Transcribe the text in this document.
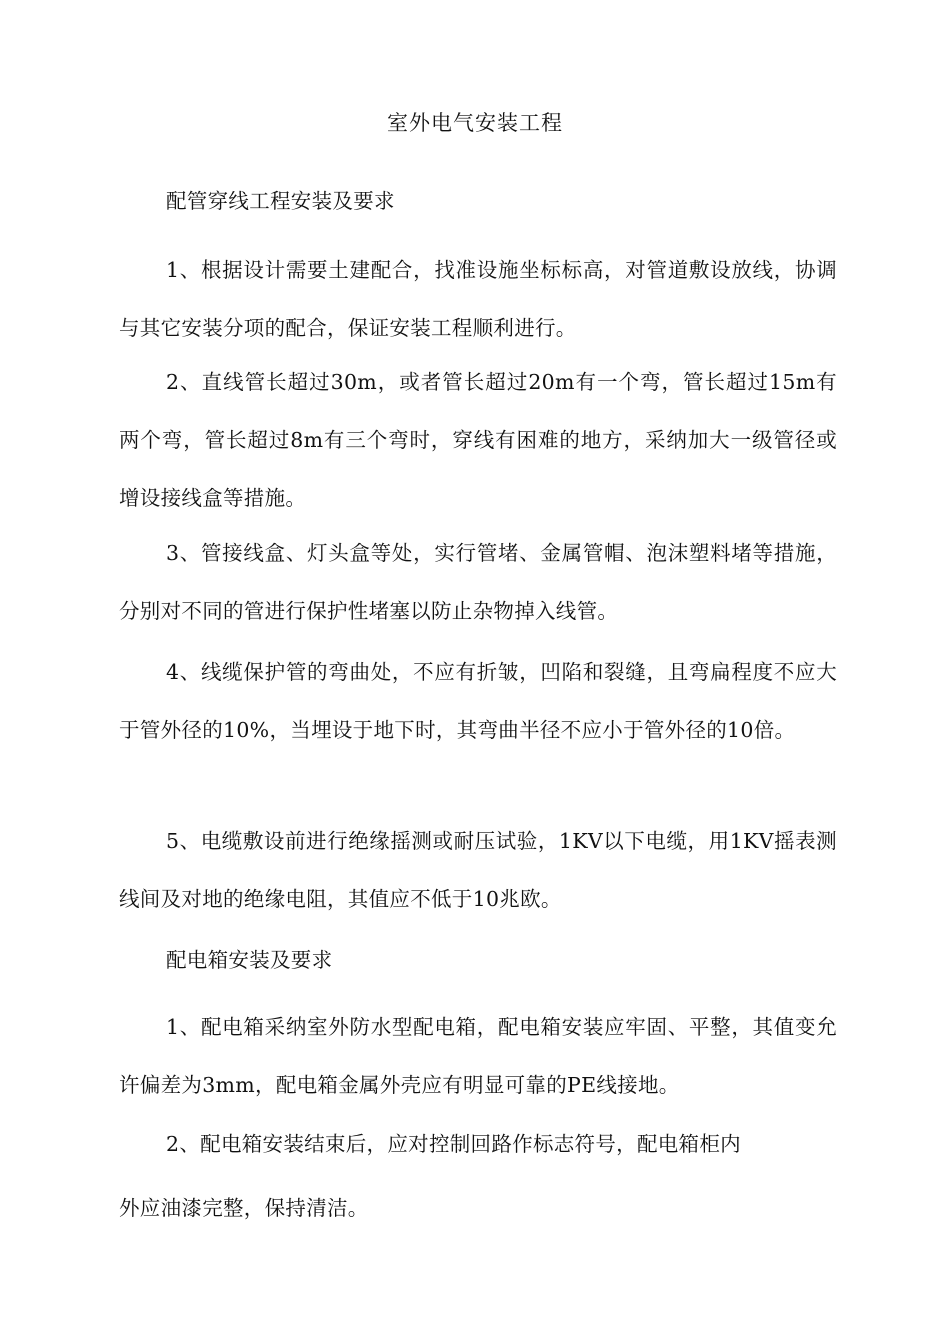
室外电气安装工程
配管穿线工程安装及要求

1、根据设计需要土建配合，找准设施坐标标高，对管道敷设放线，协调与其它安装分项的配合，保证安装工程顺利进行。

2、直线管长超过30m，或者管长超过20m有一个弯，管长超过15m有两个弯，管长超过8m有三个弯时，穿线有困难的地方，采纳加大一级管径或增设接线盒等措施。

3、管接线盒、灯头盒等处，实行管堵、金属管帽、泡沫塑料堵等措施，分别对不同的管进行保护性堵塞以防止杂物掉入线管。

4、线缆保护管的弯曲处，不应有折皱，凹陷和裂缝，且弯扁程度不应大于管外径的10%，当埋设于地下时，其弯曲半径不应小于管外径的10倍。

5、电缆敷设前进行绝缘摇测或耐压试验，1KV以下电缆，用1KV摇表测线间及对地的绝缘电阻，其值应不低于10兆欧。

配电箱安装及要求

1、配电箱采纳室外防水型配电箱，配电箱安装应牢固、平整，其值变允许偏差为3mm，配电箱金属外壳应有明显可靠的PE线接地。

2、配电箱安装结束后，应对控制回路作标志符号，配电箱柜内

外应油漆完整，保持清洁。
